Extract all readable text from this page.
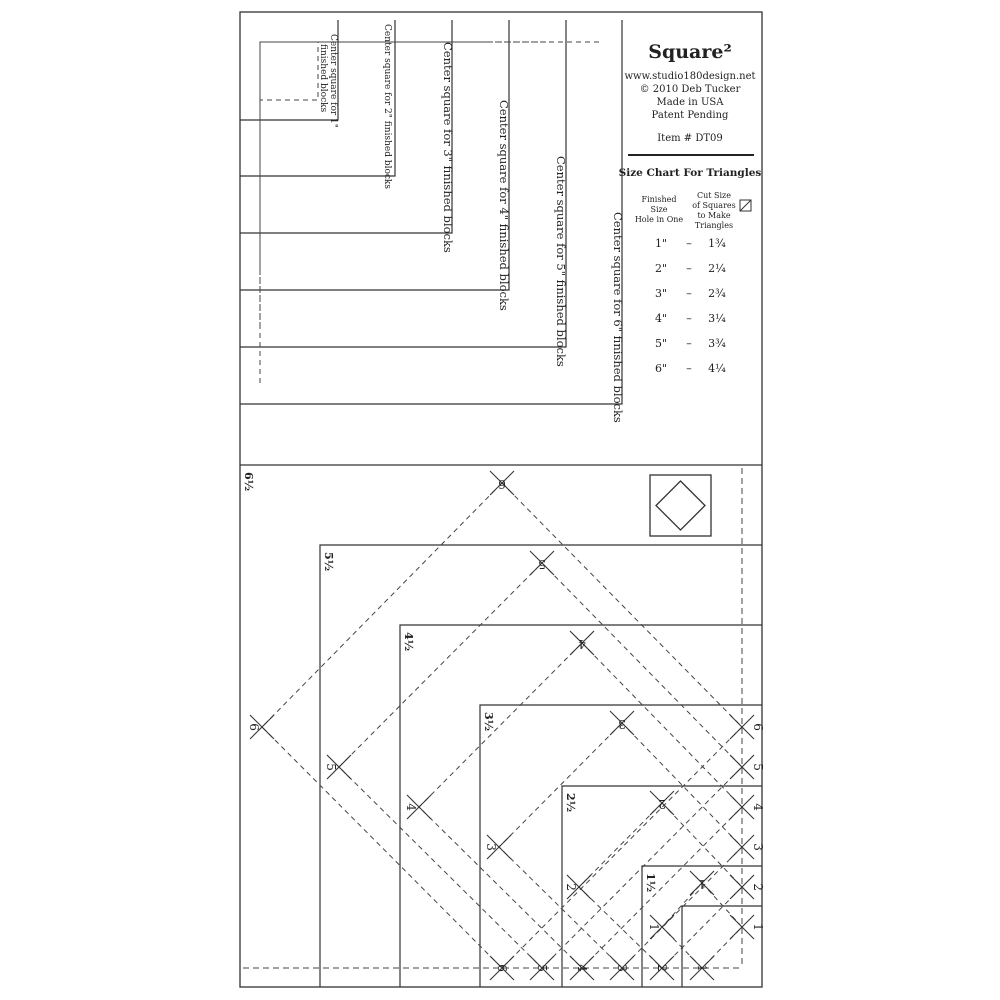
Center square for 1"
finished blocks	Center square for 2" finished blocks	Center square for 3" finished blocks	Center square for 4" finished blocks	Center square for 5" finished blocks	Center square for 6" finished blocks
Square²
www.studio180design.net
© 2010 Deb Tucker
Made in USA
Patent Pending
Item # DT09
Size Chart For Triangles
Finished
Size
Hole in One
Cut Size
of Squares
to Make
Triangles
1" – 1¾
2" – 2¼
3" – 2¾
4" – 3¼
5" – 3¾
6" – 4¼
6½
5½
4½
3½
2½
1½
6
6	6
6
5
5	5
5
4
4	4
4
3
3	3
3
2
2	2
2
1
1	1
1
